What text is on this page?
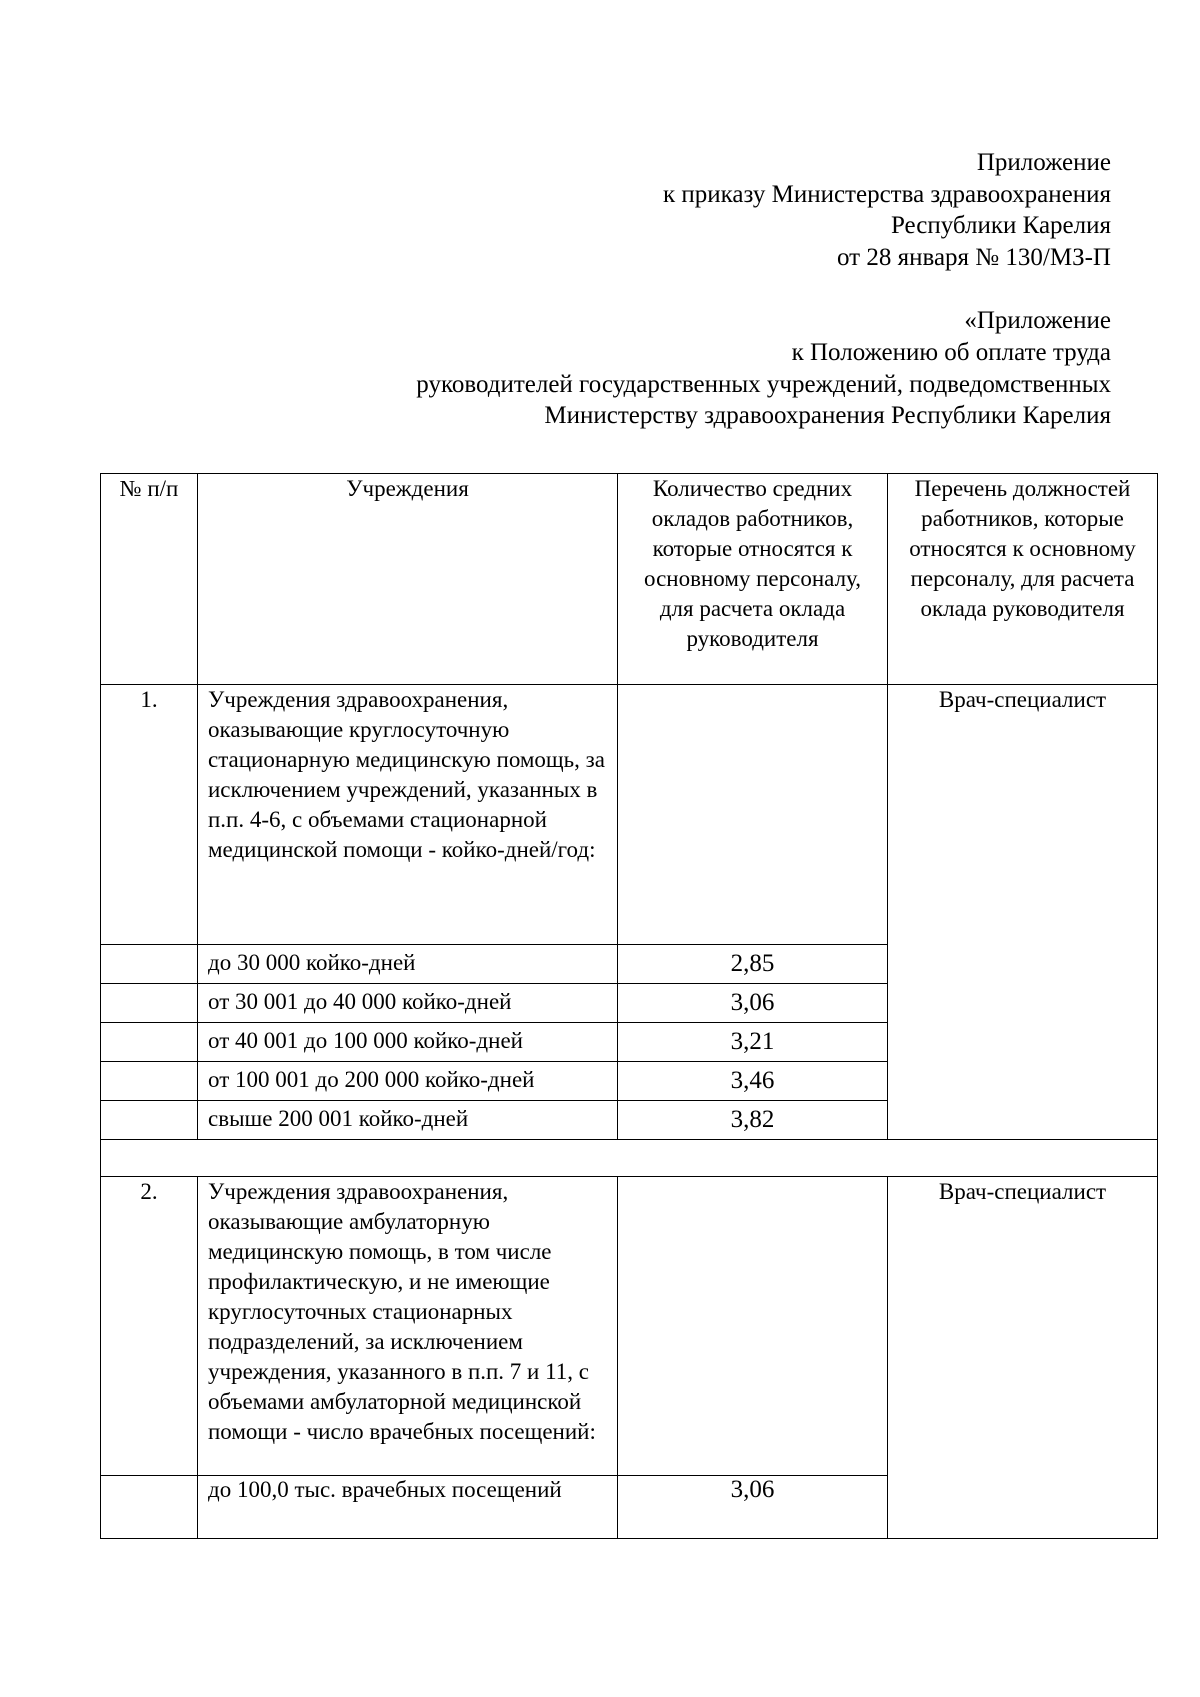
Приложение
к приказу Министерства здравоохранения
Республики Карелия
от 28 января № 130/МЗ-П
«Приложение
к Положению об оплате труда
руководителей государственных учреждений, подведомственных
Министерству здравоохранения Республики Карелия
№ п/п	Учреждения	Количество средних окладов работников, которые относятся к основному персоналу, для расчета оклада руководителя	Перечень должностей работников, которые относятся к основному персоналу, для расчета оклада руководителя
1.	Учреждения здравоохранения, оказывающие круглосуточную стационарную медицинскую помощь, за исключением учреждений, указанных в п.п. 4-6, с объемами стационарной медицинской помощи - койко-дней/год:		Врач-специалист
	до 30 000 койко-дней	2,85	
	от 30 001 до 40 000 койко-дней	3,06	
	от 40 001 до 100 000 койко-дней	3,21	
	от 100 001 до 200 000 койко-дней	3,46	
	свыше 200 001 койко-дней	3,82	

2.	Учреждения здравоохранения, оказывающие амбулаторную медицинскую помощь, в том числе профилактическую, и не имеющие круглосуточных стационарных подразделений, за исключением учреждения, указанного в п.п. 7 и 11, с объемами амбулаторной медицинской помощи - число врачебных посещений:		Врач-специалист
	до 100,0 тыс. врачебных посещений	3,06	
